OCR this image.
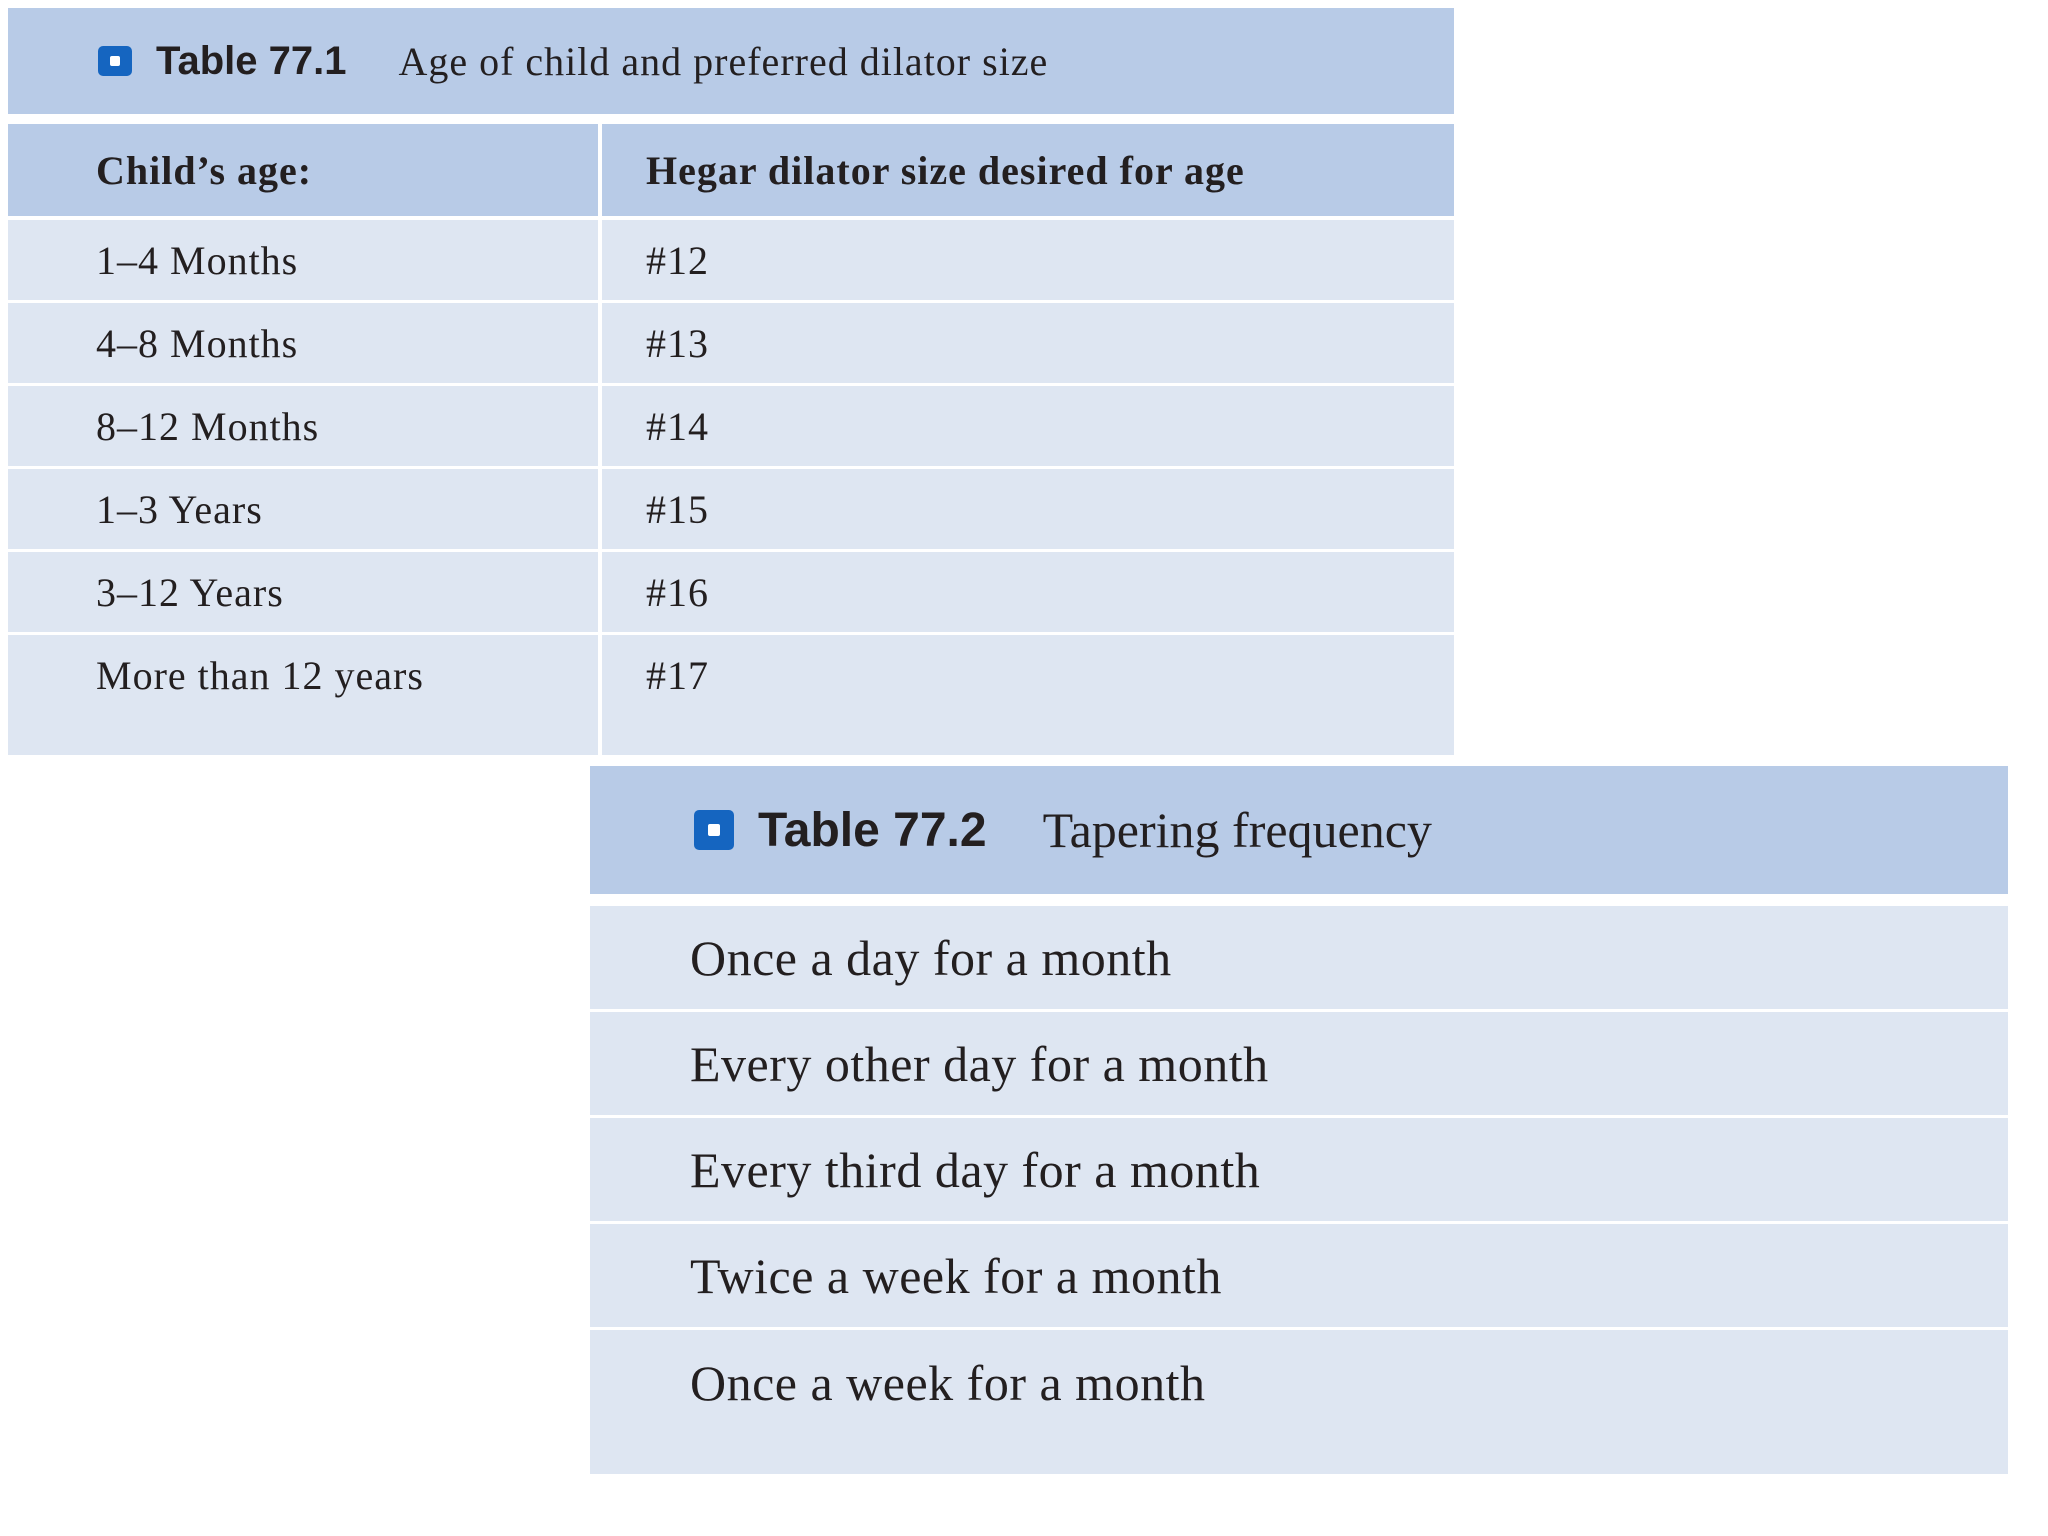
Table 77.1 Age of child and preferred dilator size
Child’s age:	Hegar dilator size desired for age
1–4 Months	#12
4–8 Months	#13
8–12 Months	#14
1–3 Years	#15
3–12 Years	#16
More than 12 years	#17
Table 77.2 Tapering frequency
Once a day for a month
Every other day for a month
Every third day for a month
Twice a week for a month
Once a week for a month
